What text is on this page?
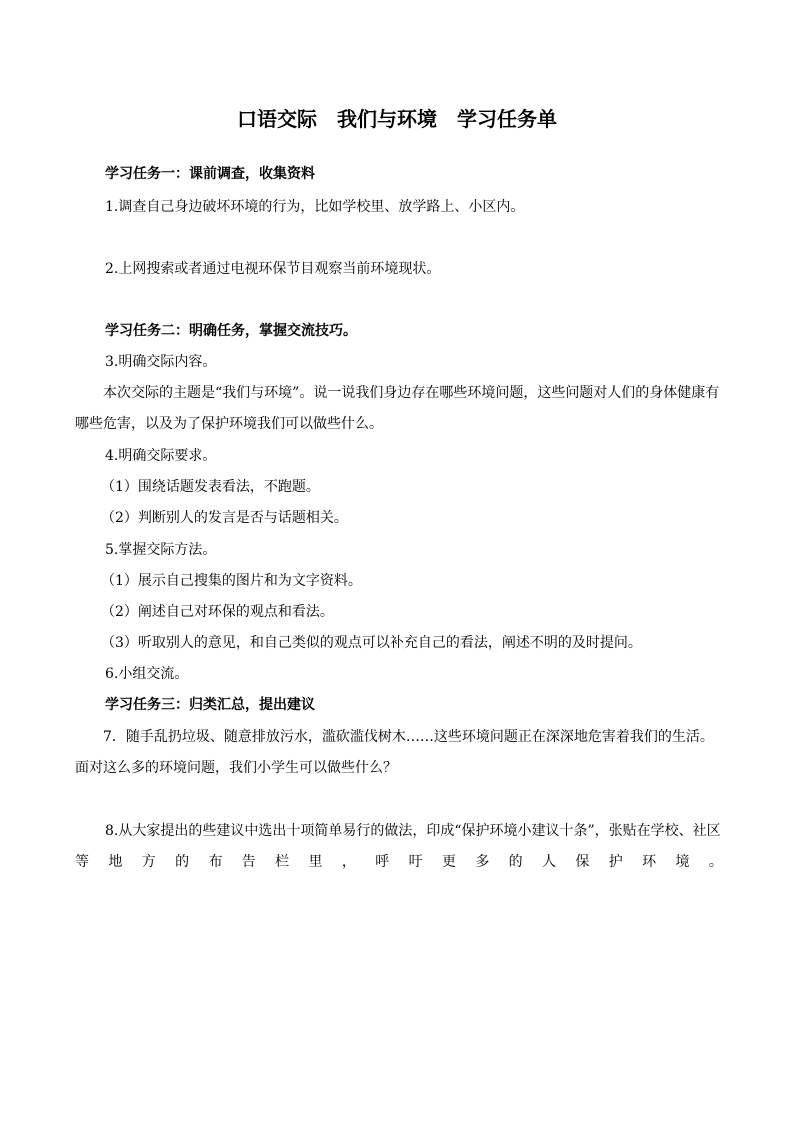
口语交际　我们与环境　学习任务单

学习任务一：课前调查，收集资料

1.调查自己身边破坏环境的行为，比如学校里、放学路上、小区内。

2.上网搜索或者通过电视环保节目观察当前环境现状。

学习任务二：明确任务，掌握交流技巧。

3.明确交际内容。

本次交际的主题是“我们与环境”。说一说我们身边存在哪些环境问题，这些问题对人们的身体健康有哪些危害，以及为了保护环境我们可以做些什么。

4.明确交际要求。

（1）围绕话题发表看法，不跑题。

（2）判断别人的发言是否与话题相关。

5.掌握交际方法。

（1）展示自己搜集的图片和为文字资料。

（2）阐述自己对环保的观点和看法。

（3）听取别人的意见，和自己类似的观点可以补充自己的看法，阐述不明的及时提问。

6.小组交流。

学习任务三：归类汇总，提出建议

7．随手乱扔垃圾、随意排放污水，滥砍滥伐树木……这些环境问题正在深深地危害着我们的生活。面对这么多的环境问题，我们小学生可以做些什么？

8.从大家提出的些建议中选出十项简单易行的做法，印成“保护环境小建议十条”，张贴在学校、社区

等 地 方 的 布 告 栏 里 ， 呼 吁 更 多 的 人 保 护 环 境 。
